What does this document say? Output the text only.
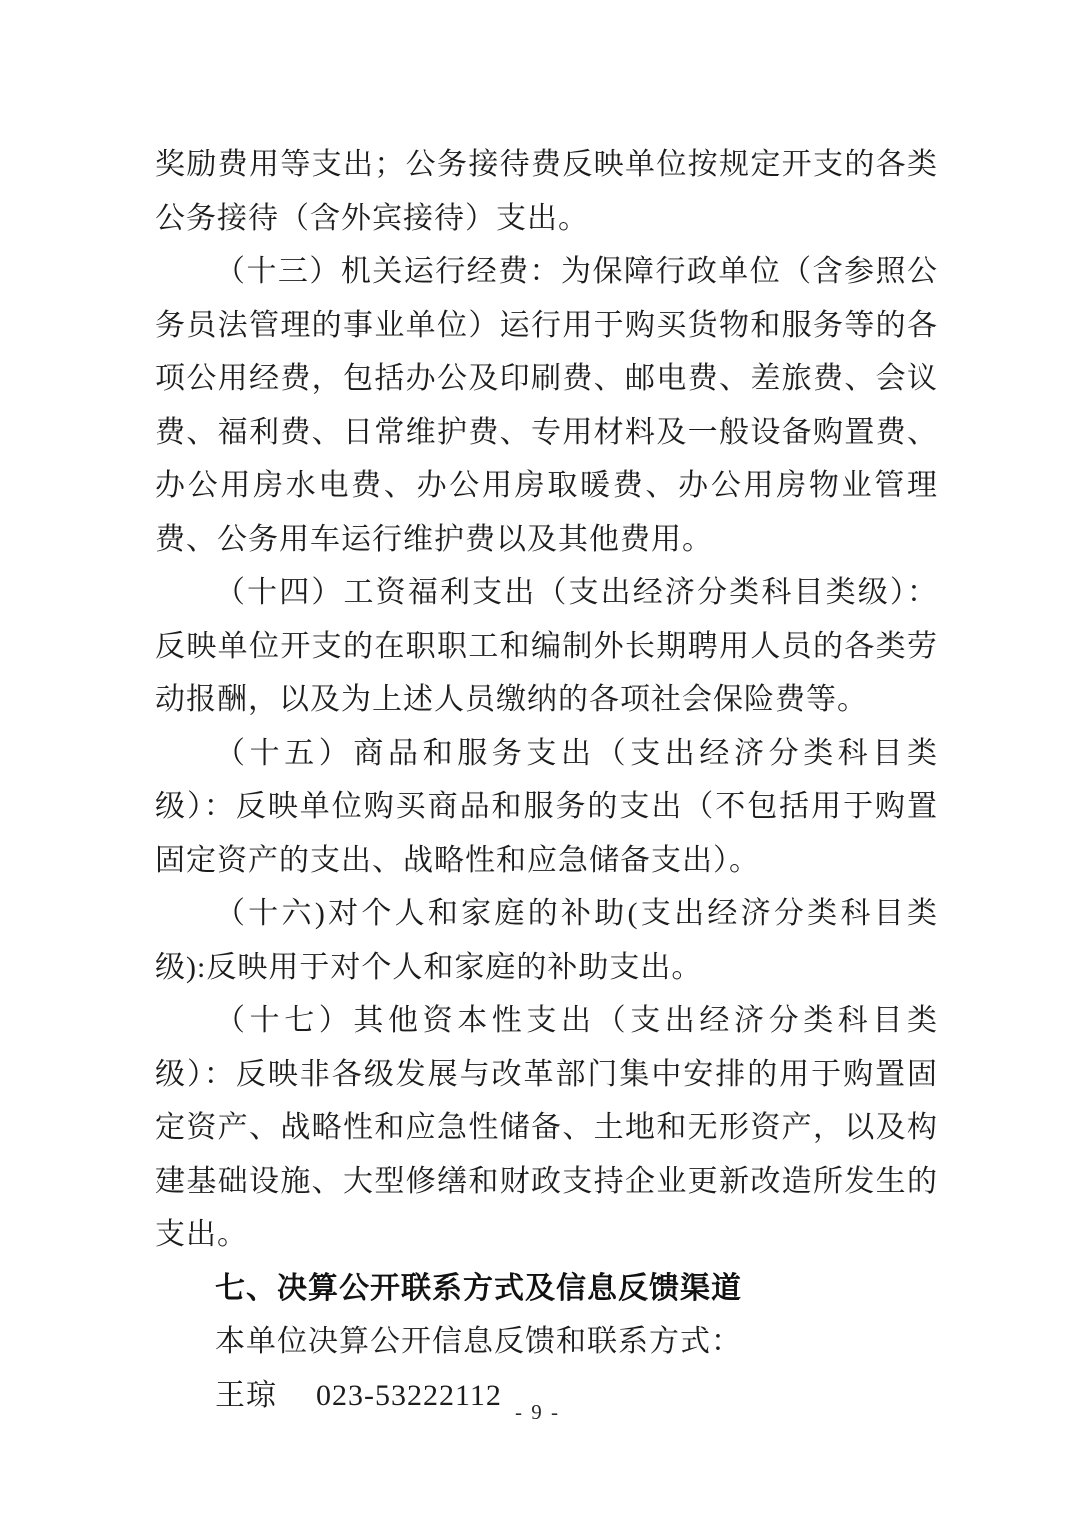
奖励费用等支出；公务接待费反映单位按规定开支的各类公务接待（含外宾接待）支出。

（十三）机关运行经费：为保障行政单位（含参照公务员法管理的事业单位）运行用于购买货物和服务等的各项公用经费，包括办公及印刷费、邮电费、差旅费、会议费、福利费、日常维护费、专用材料及一般设备购置费、办公用房水电费、办公用房取暖费、办公用房物业管理费、公务用车运行维护费以及其他费用。

（十四）工资福利支出（支出经济分类科目类级）：反映单位开支的在职职工和编制外长期聘用人员的各类劳动报酬，以及为上述人员缴纳的各项社会保险费等。

（十五）商品和服务支出（支出经济分类科目类级）：反映单位购买商品和服务的支出（不包括用于购置固定资产的支出、战略性和应急储备支出）。

（十六)对个人和家庭的补助(支出经济分类科目类级):反映用于对个人和家庭的补助支出。

（十七）其他资本性支出（支出经济分类科目类级）：反映非各级发展与改革部门集中安排的用于购置固定资产、战略性和应急性储备、土地和无形资产，以及构建基础设施、大型修缮和财政支持企业更新改造所发生的支出。

七、决算公开联系方式及信息反馈渠道

本单位决算公开信息反馈和联系方式：

王琼 023-53222112

- 9 -
